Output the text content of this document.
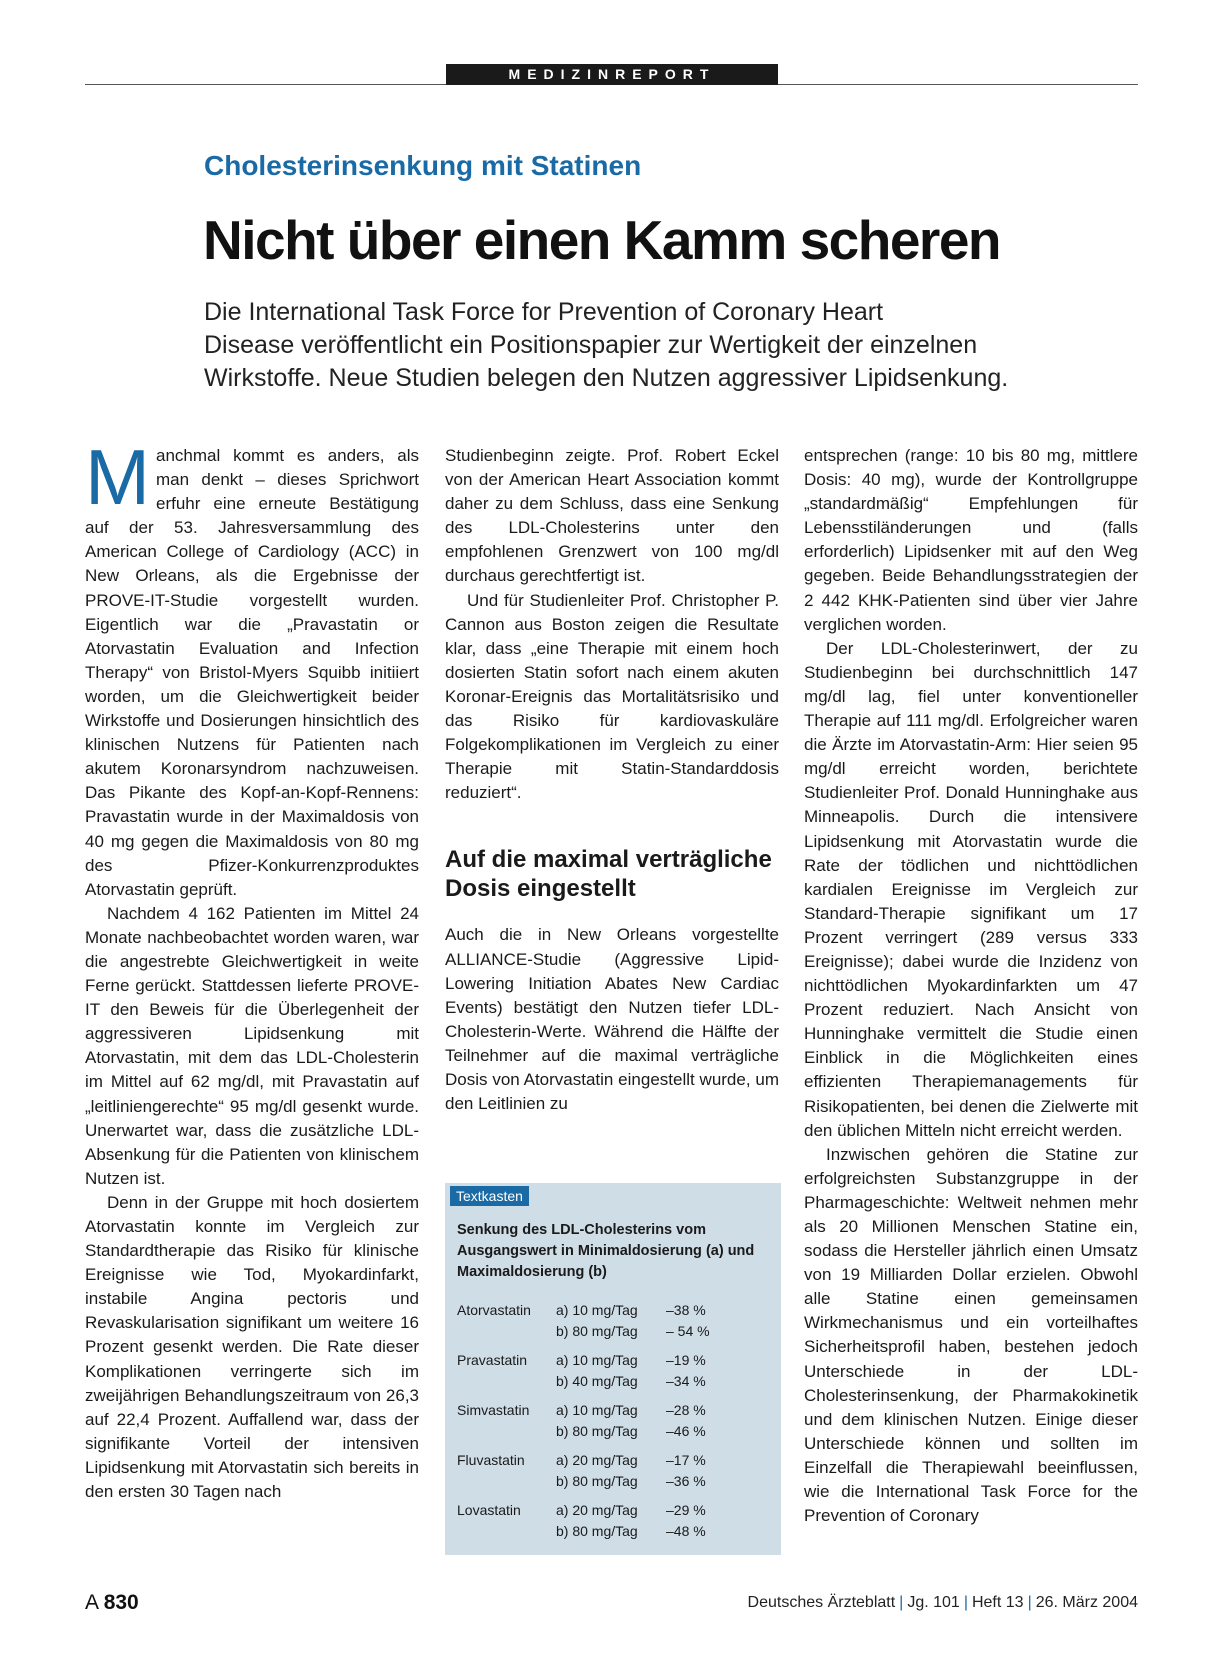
MEDIZINREPORT
Cholesterinsenkung mit Statinen
Nicht über einen Kamm scheren
Die International Task Force for Prevention of Coronary Heart
Disease veröffentlicht ein Positionspapier zur Wertigkeit der einzelnen
Wirkstoffe. Neue Studien belegen den Nutzen aggressiver Lipidsenkung.

Manchmal kommt es anders, als man denkt – dieses Sprichwort erfuhr eine erneute Bestätigung auf der 53. Jahresversammlung des American College of Cardiology (ACC) in New Orleans, als die Ergebnisse der PROVE-IT-Studie vorgestellt wurden. Eigentlich war die „Pravastatin or Atorvastatin Evaluation and Infection Therapy“ von Bristol-Myers Squibb initiiert worden, um die Gleichwertigkeit beider Wirkstoffe und Dosierungen hinsichtlich des klinischen Nutzens für Patienten nach akutem Koronarsyndrom nachzuweisen. Das Pikante des Kopf-an-Kopf-Rennens: Pravastatin wurde in der Maximaldosis von 40 mg gegen die Maximaldosis von 80 mg des Pfizer-Konkurrenzproduktes Atorvastatin geprüft.

Nachdem 4 162 Patienten im Mittel 24 Monate nachbeobachtet worden waren, war die angestrebte Gleichwertigkeit in weite Ferne gerückt. Stattdessen lieferte PROVE-IT den Beweis für die Überlegenheit der aggressiveren Lipidsenkung mit Atorvastatin, mit dem das LDL-Cholesterin im Mittel auf 62 mg/dl, mit Pravastatin auf „leitliniengerechte“ 95 mg/dl gesenkt wurde. Unerwartet war, dass die zusätzliche LDL-Absenkung für die Patienten von klinischem Nutzen ist.

Denn in der Gruppe mit hoch dosiertem Atorvastatin konnte im Vergleich zur Standardtherapie das Risiko für klinische Ereignisse wie Tod, Myokardinfarkt, instabile Angina pectoris und Revaskularisation signifikant um weitere 16 Prozent gesenkt werden. Die Rate dieser Komplikationen verringerte sich im zweijährigen Behandlungszeitraum von 26,3 auf 22,4 Prozent. Auffallend war, dass der signifikante Vorteil der intensiven Lipidsenkung mit Atorvastatin sich bereits in den ersten 30 Tagen nach

Studienbeginn zeigte. Prof. Robert Eckel von der American Heart Association kommt daher zu dem Schluss, dass eine Senkung des LDL-Cholesterins unter den empfohlenen Grenzwert von 100 mg/dl durchaus gerechtfertigt ist.

Und für Studienleiter Prof. Christopher P. Cannon aus Boston zeigen die Resultate klar, dass „eine Therapie mit einem hoch dosierten Statin sofort nach einem akuten Koronar-Ereignis das Mortalitätsrisiko und das Risiko für kardiovaskuläre Folgekomplikationen im Vergleich zu einer Therapie mit Statin-Standarddosis reduziert“.

Auf die maximal verträgliche Dosis eingestellt

Auch die in New Orleans vorgestellte ALLIANCE-Studie (Aggressive Lipid-Lowering Initiation Abates New Cardiac Events) bestätigt den Nutzen tiefer LDL-Cholesterin-Werte. Während die Hälfte der Teilnehmer auf die maximal verträgliche Dosis von Atorvastatin eingestellt wurde, um den Leitlinien zu

Textkasten
Senkung des LDL-Cholesterins vom Ausgangswert in Minimaldosierung (a) und Maximaldosierung (b)
Atorvastatin a) 10 mg/Tag
b) 80 mg/Tag
–38 %
– 54 %
Pravastatin a) 10 mg/Tag
b) 40 mg/Tag
–19 %
–34 %
Simvastatin a) 10 mg/Tag
b) 80 mg/Tag
–28 %
–46 %
Fluvastatin a) 20 mg/Tag
b) 80 mg/Tag
–17 %
–36 %
Lovastatin	a) 20 mg/Tag
b) 80 mg/Tag
–29 %
–48 %

entsprechen (range: 10 bis 80 mg, mittlere Dosis: 40 mg), wurde der Kontrollgruppe „standardmäßig“ Empfehlungen für Lebensstiländerungen und (falls erforderlich) Lipidsenker mit auf den Weg gegeben. Beide Behandlungsstrategien der 2 442 KHK-Patienten sind über vier Jahre verglichen worden.

Der LDL-Cholesterinwert, der zu Studienbeginn bei durchschnittlich 147 mg/dl lag, fiel unter konventioneller Therapie auf 111 mg/dl. Erfolgreicher waren die Ärzte im Atorvastatin-Arm: Hier seien 95 mg/dl erreicht worden, berichtete Studienleiter Prof. Donald Hunninghake aus Minneapolis. Durch die intensivere Lipidsenkung mit Atorvastatin wurde die Rate der tödlichen und nichttödlichen kardialen Ereignisse im Vergleich zur Standard-Therapie signifikant um 17 Prozent verringert (289 versus 333 Ereignisse); dabei wurde die Inzidenz von nichttödlichen Myokardinfarkten um 47 Prozent reduziert. Nach Ansicht von Hunninghake vermittelt die Studie einen Einblick in die Möglichkeiten eines effizienten Therapiemanagements für Risikopatienten, bei denen die Zielwerte mit den üblichen Mitteln nicht erreicht werden.

Inzwischen gehören die Statine zur erfolgreichsten Substanzgruppe in der Pharmageschichte: Weltweit nehmen mehr als 20 Millionen Menschen Statine ein, sodass die Hersteller jährlich einen Umsatz von 19 Milliarden Dollar erzielen. Obwohl alle Statine einen gemeinsamen Wirkmechanismus und ein vorteilhaftes Sicherheitsprofil haben, bestehen jedoch Unterschiede in der LDL-Cholesterinsenkung, der Pharmakokinetik und dem klinischen Nutzen. Einige dieser Unterschiede können und sollten im Einzelfall die Therapiewahl beeinflussen, wie die International Task Force for the Prevention of Coronary

A 830	Deutsches Ärzteblatt | Jg. 101 | Heft 13 | 26. März 2004
